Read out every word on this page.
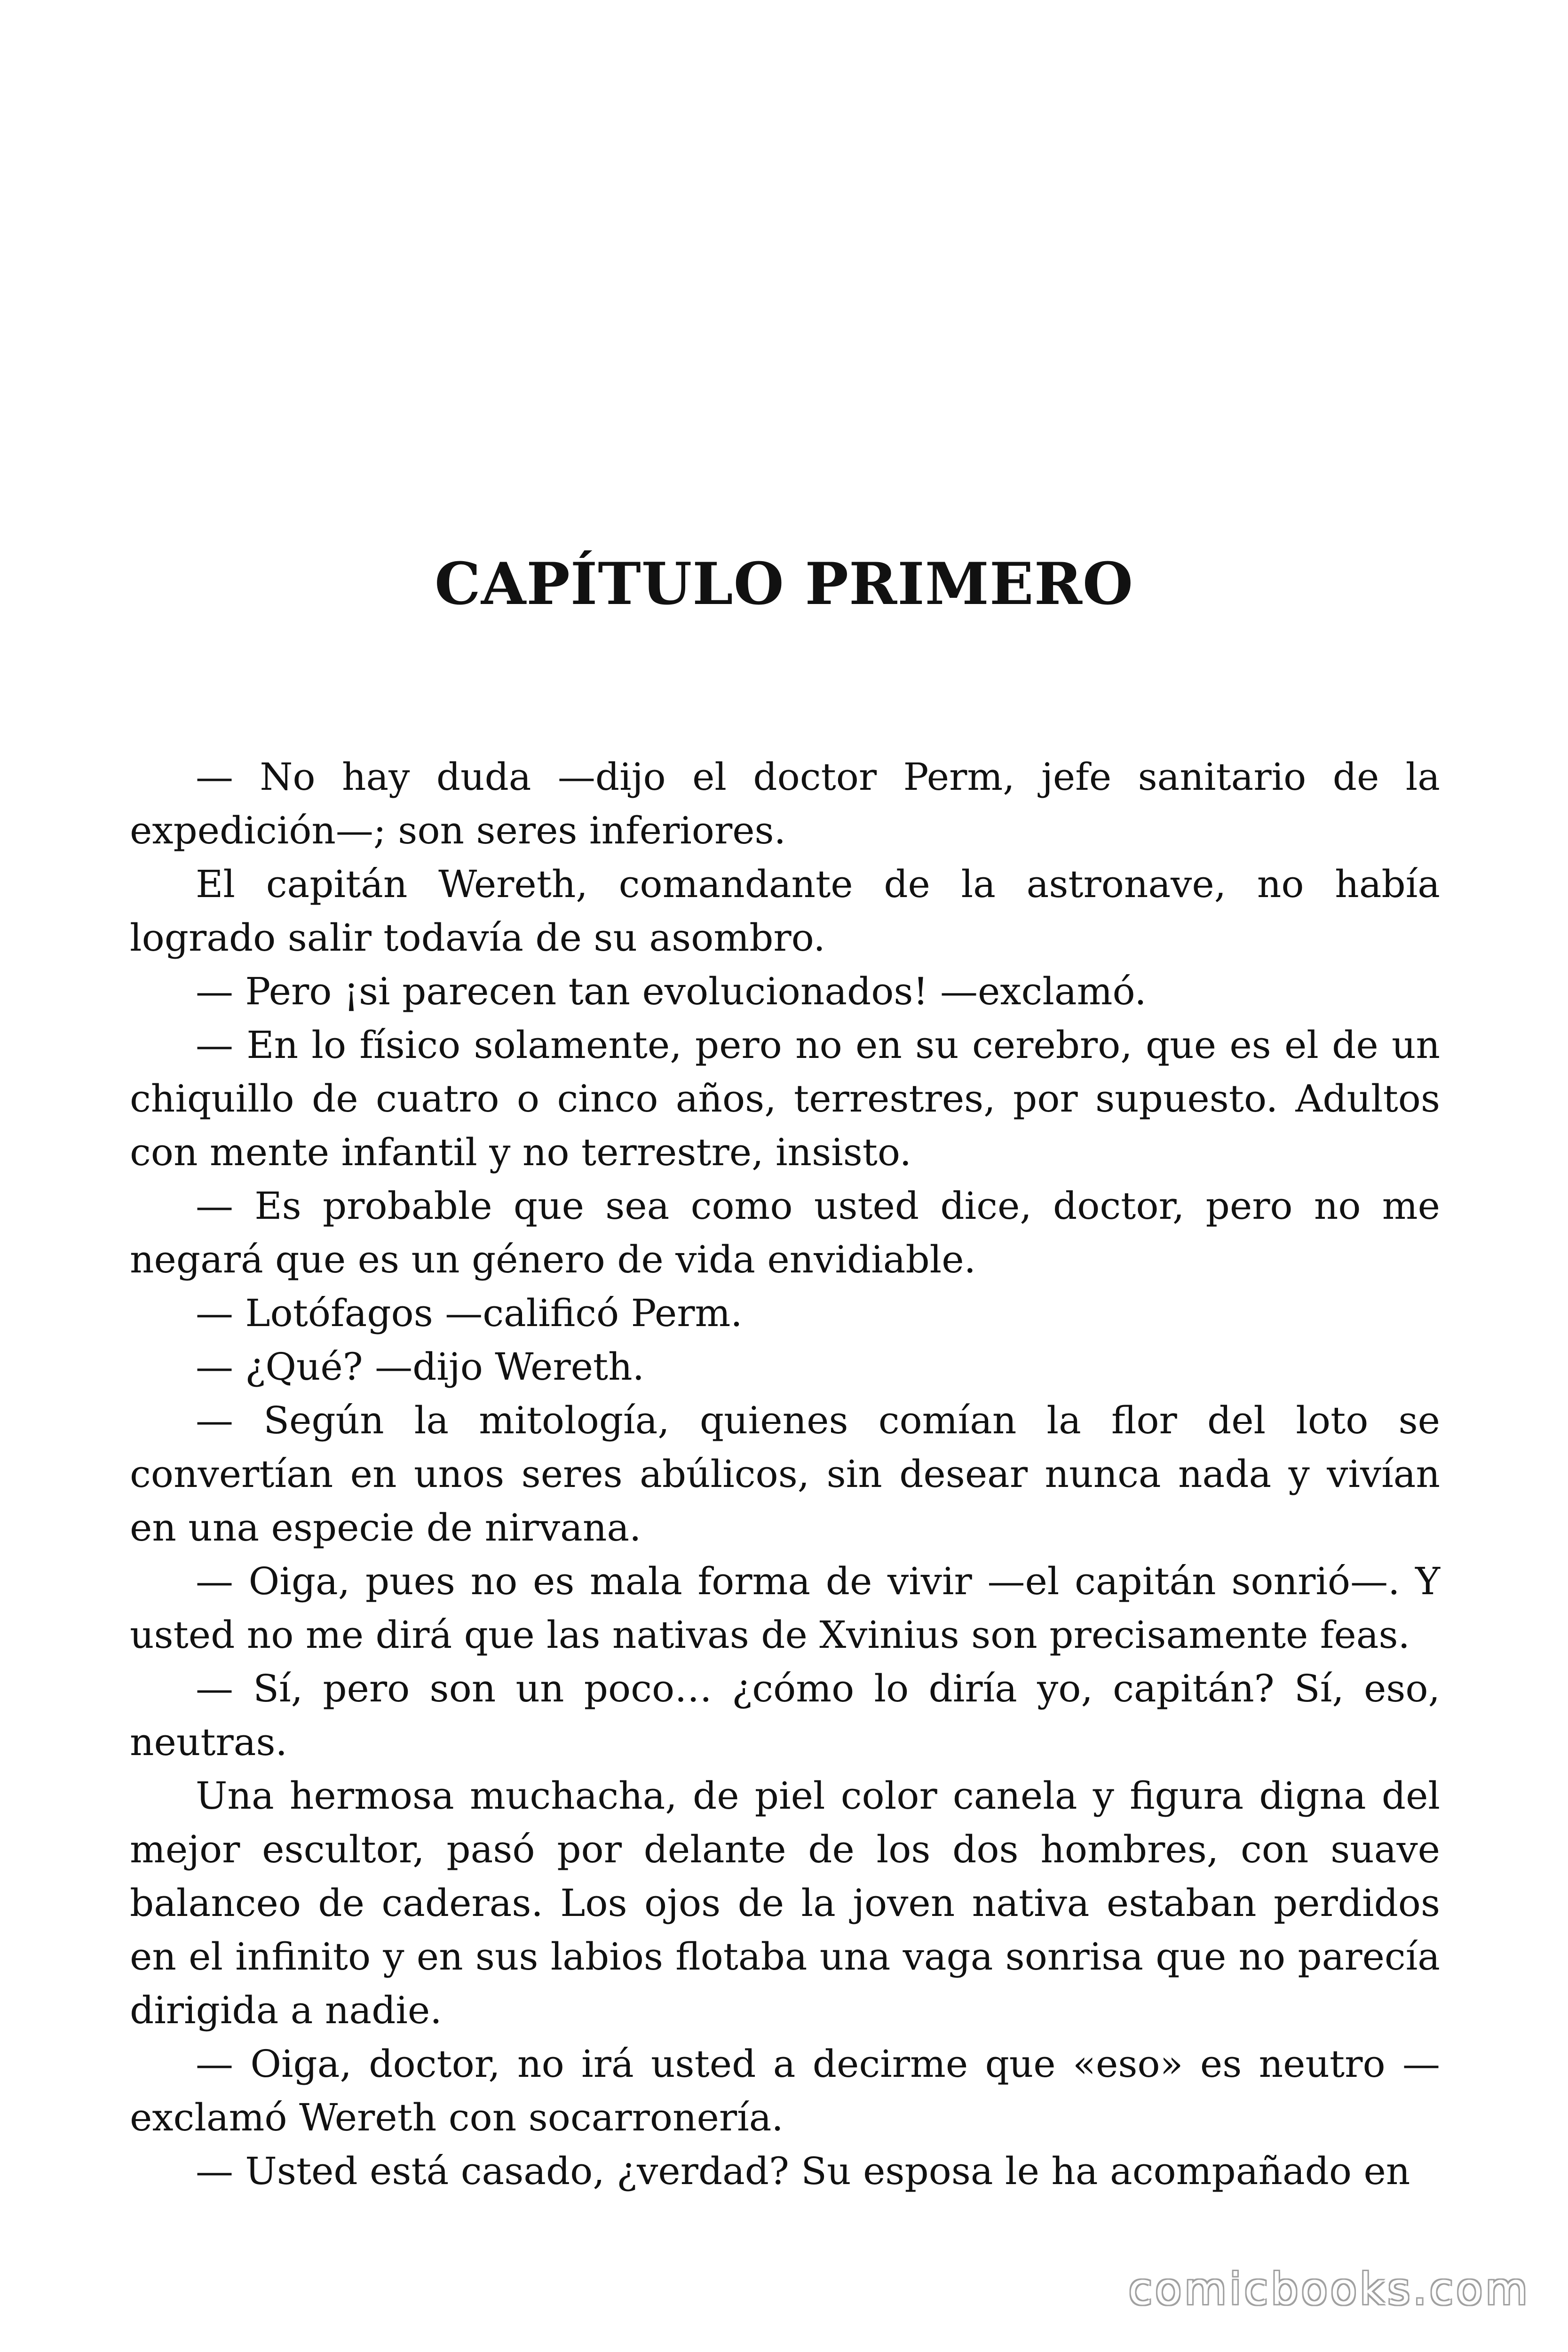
CAPÍTULO PRIMERO

— No hay duda —dijo el doctor Perm, jefe sanitario de la expedición—; son seres inferiores.

El capitán Wereth, comandante de la astronave, no había logrado salir todavía de su asombro.

— Pero ¡si parecen tan evolucionados! —exclamó.

— En lo físico solamente, pero no en su cerebro, que es el de un chiquillo de cuatro o cinco años, terrestres, por supuesto. Adultos con mente infantil y no terrestre, insisto.

— Es probable que sea como usted dice, doctor, pero no me negará que es un género de vida envidiable.

— Lotófagos —calificó Perm.

— ¿Qué? —dijo Wereth.

— Según la mitología, quienes comían la flor del loto se convertían en unos seres abúlicos, sin desear nunca nada y vivían en una especie de nirvana.

— Oiga, pues no es mala forma de vivir —el capitán sonrió—. Y usted no me dirá que las nativas de Xvinius son precisamente feas.

— Sí, pero son un poco… ¿cómo lo diría yo, capitán? Sí, eso, neutras.

Una hermosa muchacha, de piel color canela y figura digna del mejor escultor, pasó por delante de los dos hombres, con suave balanceo de caderas. Los ojos de la joven nativa estaban perdidos en el infinito y en sus labios flotaba una vaga sonrisa que no parecía dirigida a nadie.

— Oiga, doctor, no irá usted a decirme que «eso» es neutro — exclamó Wereth con socarronería.

— Usted está casado, ¿verdad? Su esposa le ha acompañado en

comicbooks.com
